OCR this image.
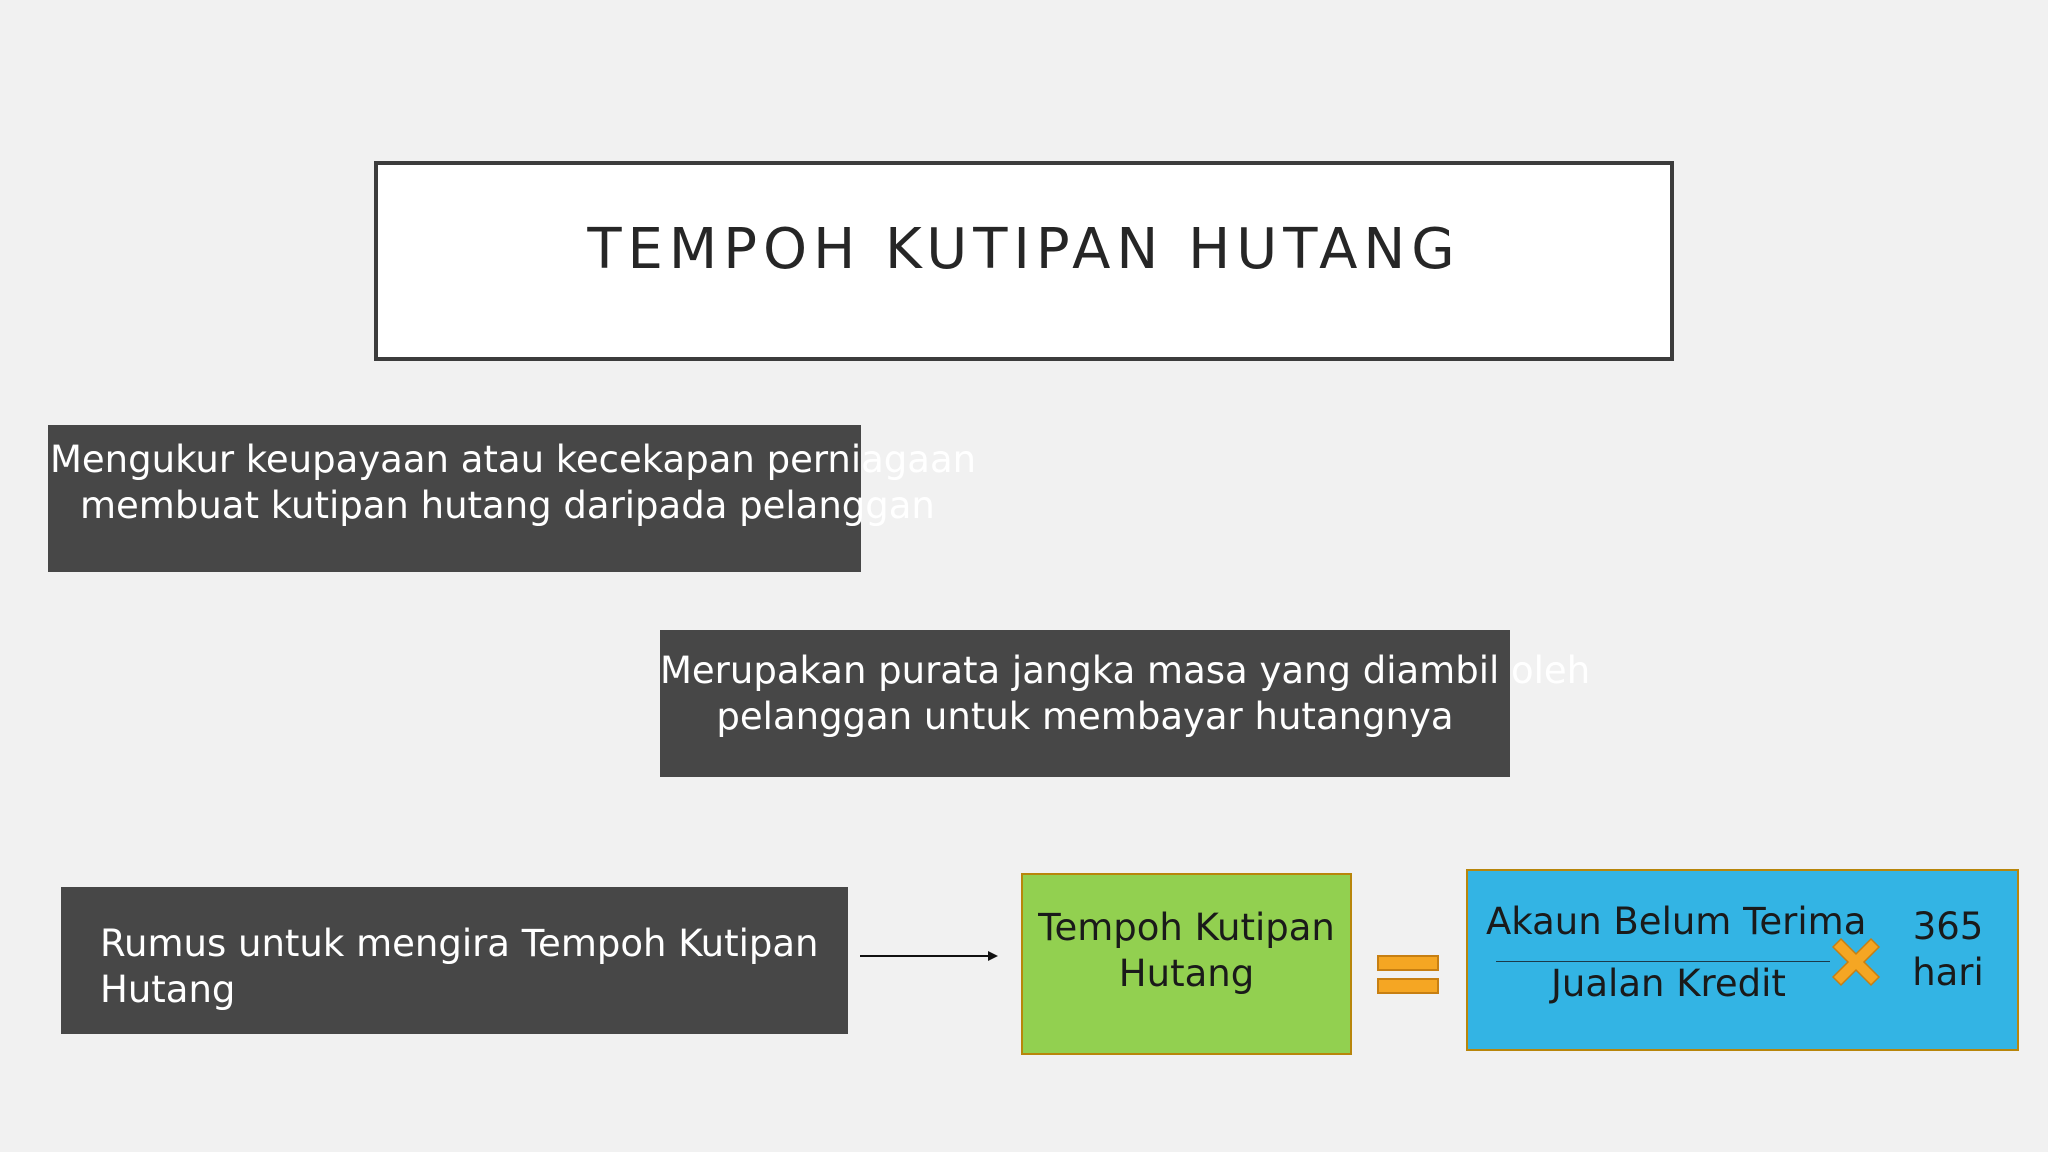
TEMPOH KUTIPAN HUTANG
Mengukur keupayaan atau kecekapan perniagaan
membuat kutipan hutang daripada pelanggan
Merupakan purata jangka masa yang diambil oleh
pelanggan untuk membayar hutangnya
Rumus untuk mengira Tempoh Kutipan Hutang
Tempoh Kutipan Hutang
Akaun Belum Terima
Jualan Kredit
365
hari
